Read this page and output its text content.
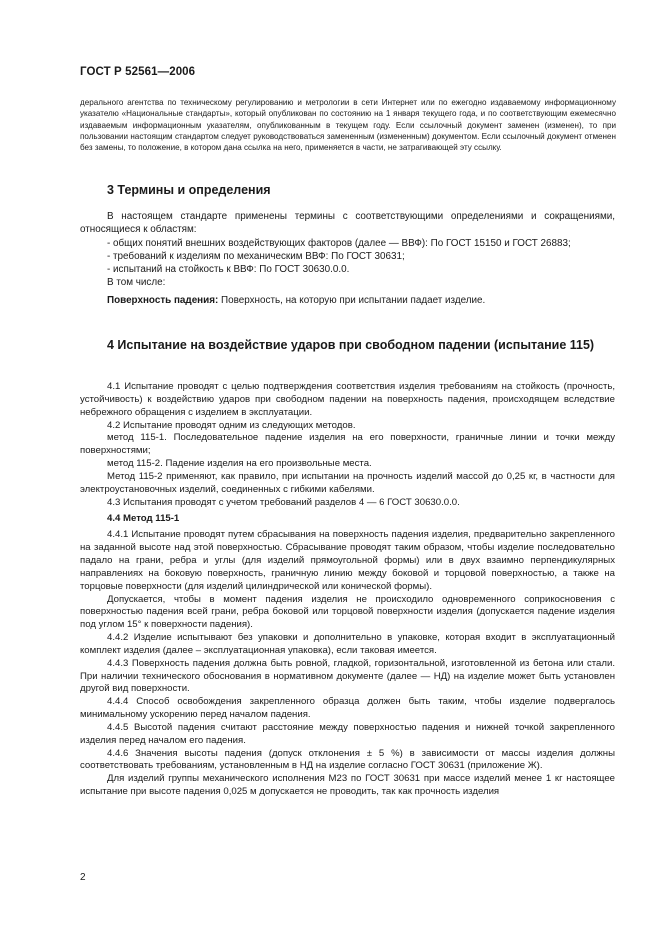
ГОСТ Р 52561—2006

дерального агентства по техническому регулированию и метрологии в сети Интернет или по ежегодно издаваемому информационному указателю «Национальные стандарты», который опубликован по состоянию на 1 января текущего года, и по соответствующим ежемесячно издаваемым информационным указателям, опубликованным в текущем году. Если ссылочный документ заменен (изменен), то при пользовании настоящим стандартом следует руководствоваться замененным (измененным) документом. Если ссылочный документ отменен без замены, то положение, в котором дана ссылка на него, применяется в части, не затрагивающей эту ссылку.

3 Термины и определения

В настоящем стандарте применены термины с соответствующими определениями и сокращениями, относящиеся к областям:

- общих понятий внешних воздействующих факторов (далее — ВВФ): По ГОСТ 15150 и ГОСТ 26883;

- требований к изделиям по механическим ВВФ: По ГОСТ 30631;

- испытаний на стойкость к ВВФ: По ГОСТ 30630.0.0.

В том числе:

Поверхность падения: Поверхность, на которую при испытании падает изделие.

4 Испытание на воздействие ударов при свободном падении (испытание 115)

4.1 Испытание проводят с целью подтверждения соответствия изделия требованиям на стойкость (прочность, устойчивость) к воздействию ударов при свободном падении на поверхность падения, происходящем вследствие небрежного обращения с изделием в эксплуатации.

4.2 Испытание проводят одним из следующих методов.

метод 115-1. Последовательное падение изделия на его поверхности, граничные линии и точки между поверхностями;

метод 115-2. Падение изделия на его произвольные места.

Метод 115-2 применяют, как правило, при испытании на прочность изделий массой до 0,25 кг, в частности для электроустановочных изделий, соединенных с гибкими кабелями.

4.3 Испытания проводят с учетом требований разделов 4 — 6 ГОСТ 30630.0.0.

4.4 Метод 115-1

4.4.1 Испытание проводят путем сбрасывания на поверхность падения изделия, предварительно закрепленного на заданной высоте над этой поверхностью. Сбрасывание проводят таким образом, чтобы изделие последовательно падало на грани, ребра и углы (для изделий прямоугольной формы) или в двух взаимно перпендикулярных направлениях на боковую поверхность, граничную линию между боковой и торцовой поверхностью, а также на торцовые поверхности (для изделий цилиндрической или конической формы).

Допускается, чтобы в момент падения изделия не происходило одновременного соприкосновения с поверхностью падения всей грани, ребра боковой или торцовой поверхности изделия (допускается падение изделия под углом 15° к поверхности падения).

4.4.2 Изделие испытывают без упаковки и дополнительно в упаковке, которая входит в эксплуатационный комплект изделия (далее – эксплуатационная упаковка), если таковая имеется.

4.4.3 Поверхность падения должна быть ровной, гладкой, горизонтальной, изготовленной из бетона или стали. При наличии технического обоснования в нормативном документе (далее — НД) на изделие может быть установлен другой вид поверхности.

4.4.4 Способ освобождения закрепленного образца должен быть таким, чтобы изделие подвергалось минимальному ускорению перед началом падения.

4.4.5 Высотой падения считают расстояние между поверхностью падения и нижней точкой закрепленного изделия перед началом его падения.

4.4.6 Значения высоты падения (допуск отклонения ± 5 %) в зависимости от массы изделия должны соответствовать требованиям, установленным в НД на изделие согласно ГОСТ 30631 (приложение Ж).

Для изделий группы механического исполнения М23 по ГОСТ 30631 при массе изделий менее 1 кг настоящее испытание при высоте падения 0,025 м допускается не проводить, так как прочность изделия

2
